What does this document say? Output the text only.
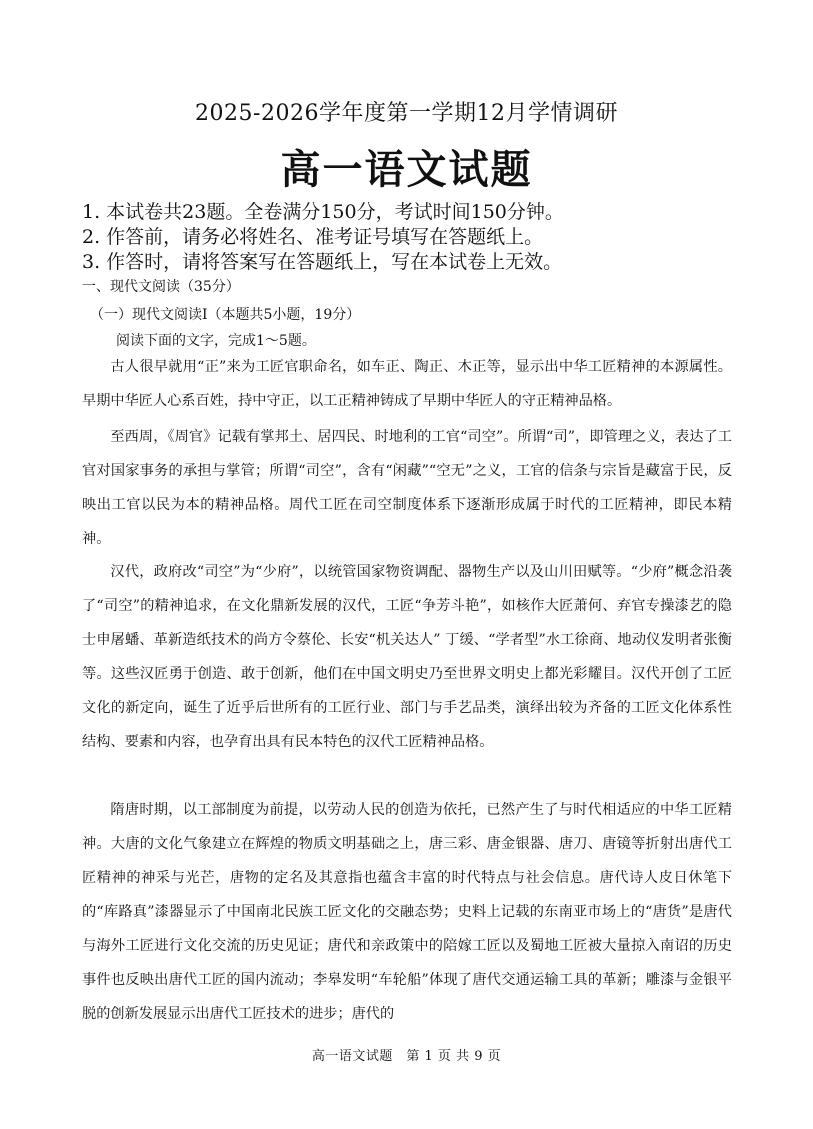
2025-2026学年度第一学期12月学情调研
高一语文试题
1. 本试卷共23题。全卷满分150分，考试时间150分钟。
2. 作答前，请务必将姓名、准考证号填写在答题纸上。
3. 作答时，请将答案写在答题纸上，写在本试卷上无效。
一、现代文阅读（35分）
（一）现代文阅读Ⅰ（本题共5小题，19分）
阅读下面的文字，完成1～5题。

古人很早就用“正”来为工匠官职命名，如车正、陶正、木正等，显示出中华工匠精神的本源属性。早期中华匠人心系百姓，持中守正，以工正精神铸成了早期中华匠人的守正精神品格。

至西周，《周官》记载有掌邦土、居四民、时地利的工官“司空”。所谓“司”，即管理之义，表达了工官对国家事务的承担与掌管；所谓“司空”，含有“闲藏”“空无”之义，工官的信条与宗旨是藏富于民，反映出工官以民为本的精神品格。周代工匠在司空制度体系下逐渐形成属于时代的工匠精神，即民本精神。

汉代，政府改“司空”为“少府”，以统管国家物资调配、器物生产以及山川田赋等。“少府”概念沿袭了“司空”的精神追求，在文化鼎新发展的汉代，工匠“争芳斗艳”，如核作大匠萧何、弃官专操漆艺的隐士申屠蟠、革新造纸技术的尚方令蔡伦、长安“机关达人” 丁缓、“学者型”水工徐商、地动仪发明者张衡等。这些汉匠勇于创造、敢于创新，他们在中国文明史乃至世界文明史上都光彩耀目。汉代开创了工匠文化的新定向，诞生了近乎后世所有的工匠行业、部门与手艺品类，演绎出较为齐备的工匠文化体系性结构、要素和内容，也孕育出具有民本特色的汉代工匠精神品格。

隋唐时期，以工部制度为前提，以劳动人民的创造为依托，已然产生了与时代相适应的中华工匠精神。大唐的文化气象建立在辉煌的物质文明基础之上，唐三彩、唐金银器、唐刀、唐镜等折射出唐代工匠精神的神采与光芒，唐物的定名及其意指也蕴含丰富的时代特点与社会信息。唐代诗人皮日休笔下的“库路真”漆器显示了中国南北民族工匠文化的交融态势；史料上记载的东南亚市场上的“唐货”是唐代与海外工匠进行文化交流的历史见证；唐代和亲政策中的陪嫁工匠以及蜀地工匠被大量掠入南诏的历史事件也反映出唐代工匠的国内流动；李皋发明“车轮船”体现了唐代交通运输工具的革新；雕漆与金银平脱的创新发展显示出唐代工匠技术的进步；唐代的

高一语文试题　第 1 页 共 9 页
